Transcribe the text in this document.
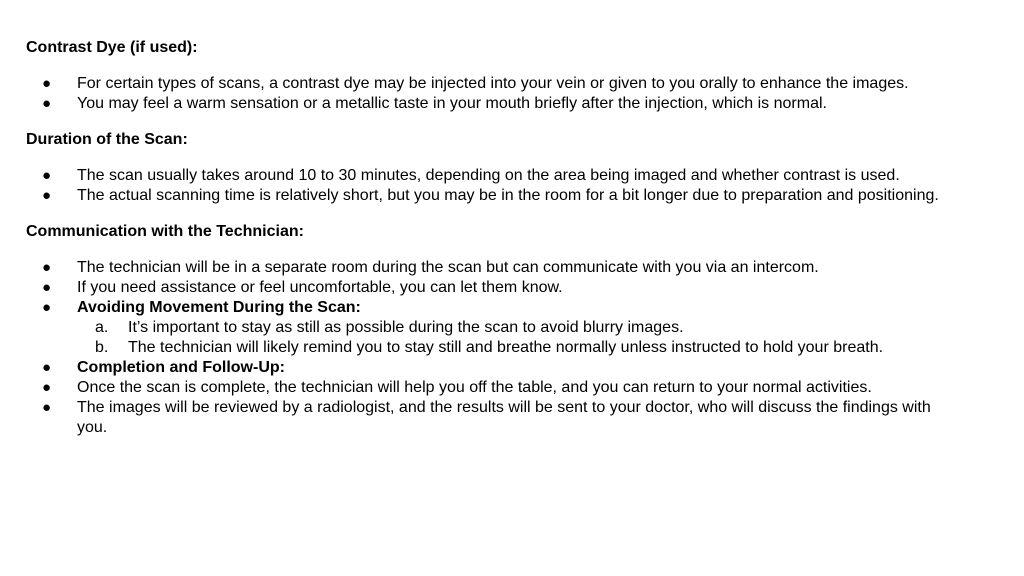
Contrast Dye (if used):

●	For certain types of scans, a contrast dye may be injected into your vein or given to you orally to enhance the images.
●	You may feel a warm sensation or a metallic taste in your mouth briefly after the injection, which is normal.

Duration of the Scan:

●	The scan usually takes around 10 to 30 minutes, depending on the area being imaged and whether contrast is used.
●	The actual scanning time is relatively short, but you may be in the room for a bit longer due to preparation and positioning.

Communication with the Technician:

●	The technician will be in a separate room during the scan but can communicate with you via an intercom.
●	If you need assistance or feel uncomfortable, you can let them know.
●	Avoiding Movement During the Scan:
a.	It’s important to stay as still as possible during the scan to avoid blurry images.
b.	The technician will likely remind you to stay still and breathe normally unless instructed to hold your breath.
●	Completion and Follow-Up:
●	Once the scan is complete, the technician will help you off the table, and you can return to your normal activities.
●	The images will be reviewed by a radiologist, and the results will be sent to your doctor, who will discuss the findings with you.
